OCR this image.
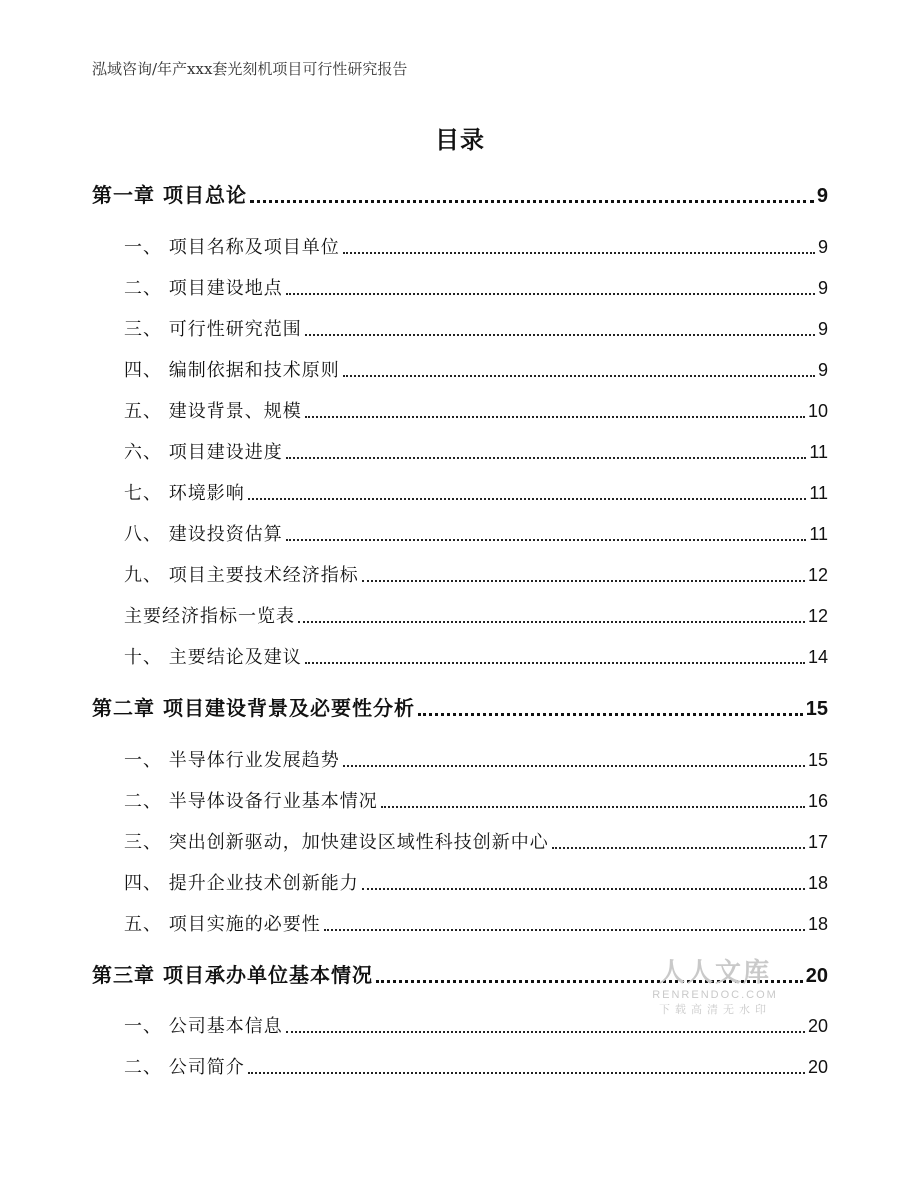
泓域咨询/年产xxx套光刻机项目可行性研究报告
目录
第一章 项目总论	9
一、 项目名称及项目单位	9
二、 项目建设地点	9
三、 可行性研究范围	9
四、 编制依据和技术原则	9
五、 建设背景、规模	10
六、 项目建设进度	11
七、 环境影响	11
八、 建设投资估算	11
九、 项目主要技术经济指标	12
主要经济指标一览表	12
十、 主要结论及建议	14
第二章 项目建设背景及必要性分析	15
一、 半导体行业发展趋势	15
二、 半导体设备行业基本情况	16
三、 突出创新驱动，加快建设区域性科技创新中心	17
四、 提升企业技术创新能力	18
五、 项目实施的必要性	18
第三章 项目承办单位基本情况	20
一、 公司基本信息	20
二、 公司简介	20
人人文库
RENRENDOC.COM
下载高清无水印
